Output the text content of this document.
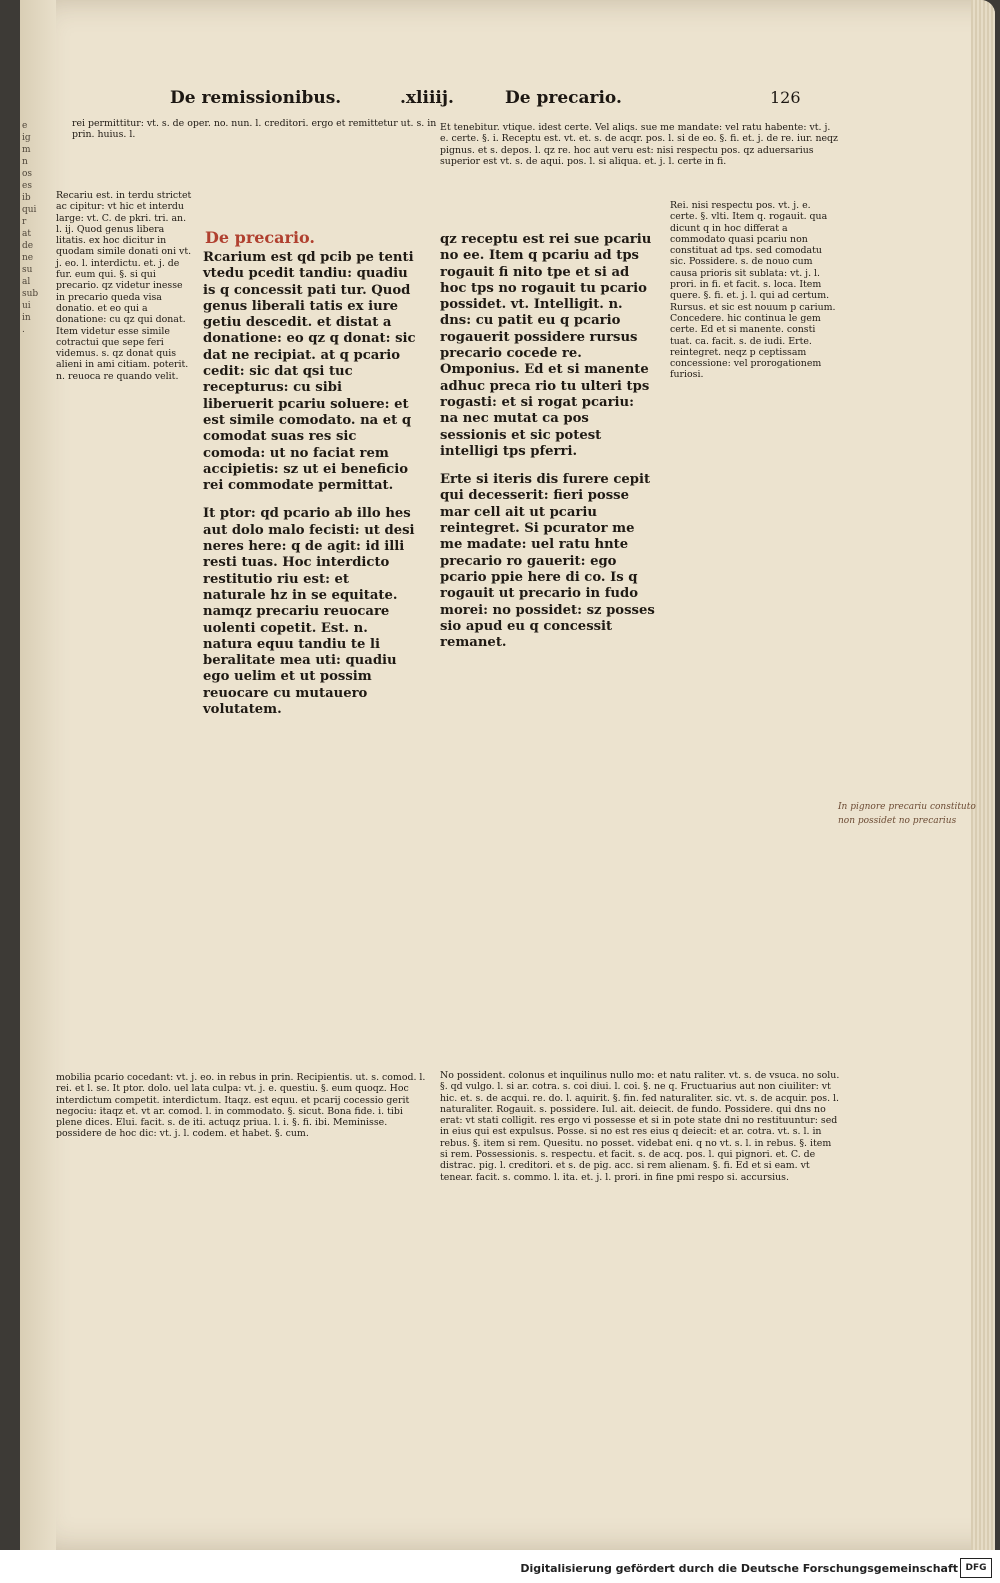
e
ig
m
n
os
es
ib
qui
r
at
de
ne
su
al
sub
ui
in
.
De remissionibus.	.xliiij.	De precario.	126

rei permittitur: vt. s. de oper. no. nun. l. creditori. ergo et remittetur ut. s. in prin. huius. l.

Et tenebitur. vtique. idest certe. Vel aliqs. sue me mandate: vel ratu habente: vt. j. e. certe. §. i. Receptu est. vt. et. s. de acqr. pos. l. si de eo. §. fi. et. j. de re. iur. neqz pignus. et s. depos. l. qz re. hoc aut veru est: nisi respectu pos. qz aduersarius superior est vt. s. de aqui. pos. l. si aliqua. et. j. l. certe in fi.

Recariu est. in terdu strictet ac cipitur: vt hic et interdu large: vt. C. de pkri. tri. an. l. ij. Quod genus libera litatis. ex hoc dicitur in quodam simile donati oni vt. j. eo. l. interdictu. et. j. de fur. eum qui. §. si qui precario. qz videtur inesse in precario queda visa donatio. et eo qui a donatione: cu qz qui donat. Item videtur esse simile cotractui que sepe feri videmus. s. qz donat quis alieni in ami citiam. poterit. n. reuoca re quando velit.

De precario.

Rcarium est qd pcib pe tenti vtedu pcedit tandiu: quadiu is q concessit pati tur. Quod genus liberali tatis ex iure getiu descedit. et distat a donatione: eo qz q donat: sic dat ne recipiat. at q pcario cedit: sic dat qsi tuc recepturus: cu sibi liberuerit pcariu soluere: et est simile comodato. na et q comodat suas res sic comoda: ut no faciat rem accipietis: sz ut ei beneficio rei commodate permittat.

It ptor: qd pcario ab illo hes aut dolo malo fecisti: ut desi neres here: q de agit: id illi resti tuas. Hoc interdicto restitutio riu est: et naturale hz in se equitate. namqz precariu reuocare uolenti copetit. Est. n. natura equu tandiu te li beralitate mea uti: quadiu ego uelim et ut possim reuocare cu mutauero volutatem.

qz receptu est rei sue pcariu no ee. Item q pcariu ad tps rogauit fi nito tpe et si ad hoc tps no rogauit tu pcario possidet. vt. Intelligit. n. dns: cu patit eu q pcario rogauerit possidere rursus precario cocede re. Omponius. Ed et si manente adhuc preca rio tu ulteri tps rogasti: et si rogat pcariu: na nec mutat ca pos sessionis et sic potest intelligi tps pferri.

Erte si iteris dis furere cepit qui decesserit: fieri posse mar cell ait ut pcariu reintegret. Si pcurator me me madate: uel ratu hnte precario ro gauerit: ego pcario ppie here di co. Is q rogauit ut precario in fudo morei: no possidet: sz posses sio apud eu q concessit remanet.

Rei. nisi respectu pos. vt. j. e. certe. §. vlti. Item q. rogauit. qua dicunt q in hoc differat a commodato quasi pcariu non constituat ad tps. sed comodatu sic. Possidere. s. de nouo cum causa prioris sit sublata: vt. j. l. prori. in fi. et facit. s. loca. Item quere. §. fi. et. j. l. qui ad certum. Rursus. et sic est nouum p carium. Concedere. hic continua le gem certe. Ed et si manente. consti tuat. ca. facit. s. de iudi. Erte. reintegret. neqz p ceptissam concessione: vel prorogationem furiosi.

mobilia pcario cocedant: vt. j. eo. in rebus in prin. Recipientis. ut. s. comod. l. rei. et l. se. It ptor. dolo. uel lata culpa: vt. j. e. questiu. §. eum quoqz. Hoc interdictum competit. interdictum. Itaqz. est equu. et pcarij cocessio gerit negociu: itaqz et. vt ar. comod. l. in commodato. §. sicut. Bona fide. i. tibi plene dices. Elui. facit. s. de iti. actuqz priua. l. i. §. fi. ibi. Meminisse. possidere de hoc dic: vt. j. l. codem. et habet. §. cum.

No possident. colonus et inquilinus nullo mo: et natu raliter. vt. s. de vsuca. no solu. §. qd vulgo. l. si ar. cotra. s. coi diui. l. coi. §. ne q. Fructuarius aut non ciuiliter: vt hic. et. s. de acqui. re. do. l. aquirit. §. fin. fed naturaliter. sic. vt. s. de acquir. pos. l. naturaliter. Rogauit. s. possidere. Iul. ait. deiecit. de fundo. Possidere. qui dns no erat: vt stati colligit. res ergo vi possesse et si in pote state dni no restituuntur: sed in eius qui est expulsus. Posse. si no est res eius q deiecit: et ar. cotra. vt. s. l. in rebus. §. item si rem. Quesitu. no posset. videbat eni. q no vt. s. l. in rebus. §. item si rem. Possessionis. s. respectu. et facit. s. de acq. pos. l. qui pignori. et. C. de distrac. pig. l. creditori. et s. de pig. acc. si rem alienam. §. fi. Ed et si eam. vt tenear. facit. s. commo. l. ita. et. j. l. prori. in fine pmi respo si. accursius.

In pignore precariu constituto non possidet no precarius
Digitalisierung gefördert durch die Deutsche Forschungsgemeinschaft DFG
